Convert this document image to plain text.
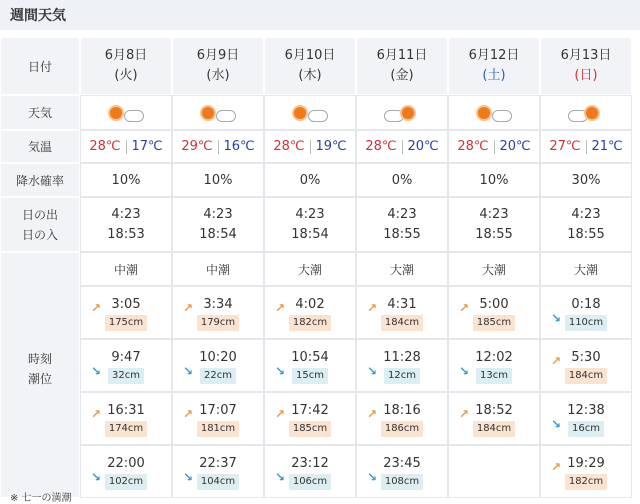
週間天気
日付
天気
気温
降水確率
日の出
日の入
時刻
潮位
6月8日
(火)
28℃ 17℃
10%
4:23
18:53
中潮
↗ 3:05
175cm
↘
9:47
32cm
↗ 16:31
174cm
↘
22:00
102cm
6月9日
(水)
29℃ 16℃
10%
4:23
18:54
中潮
↗ 3:34
179cm
↘
10:20
22cm
↗ 17:07
181cm
↘
22:37
104cm
6月10日
(木)
28℃ 19℃
0%
4:23
18:54
大潮
↗ 4:02
182cm
↘
10:54
15cm
↗ 17:42
185cm
↘
23:12
106cm
6月11日
(金)
28℃ 20℃
0%
4:23
18:55
大潮
↗ 4:31
184cm
↘
11:28
12cm
↗ 18:16
186cm
↘
23:45
108cm
6月12日
(土)
28℃ 20℃
10%
4:23
18:55
大潮
↗ 5:00
185cm
↘
12:02
13cm
↗ 18:52
184cm
6月13日
(日)
27℃ 21℃
30%
4:23
18:55
大潮
↘
0:18
110cm
↗ 5:30
184cm
↘
12:38
16cm
↗ 19:29
182cm
※ 七一の満潮
